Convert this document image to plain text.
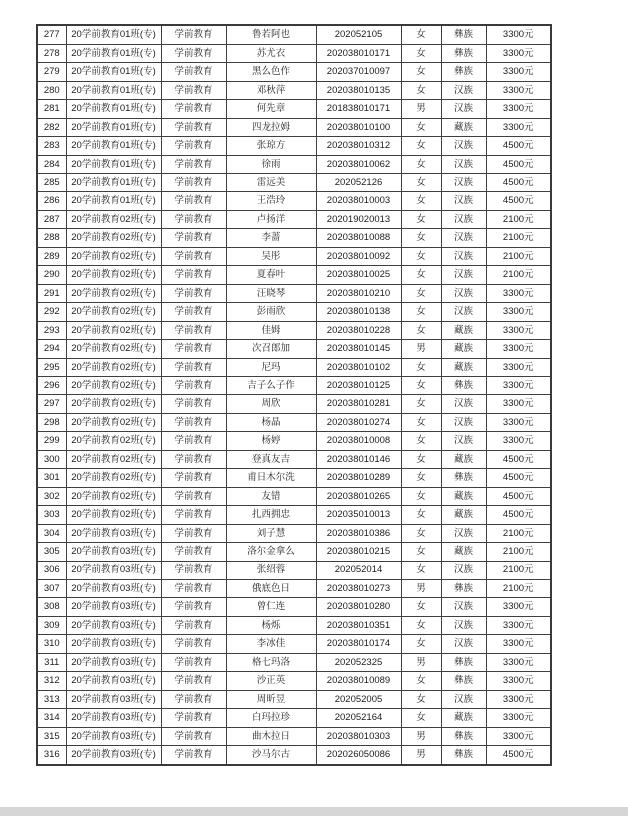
277	20学前教育01班(专)	学前教育	鲁若阿也	202052105	女	彝族	3300元
278	20学前教育01班(专)	学前教育	苏尤衣	202038010171	女	彝族	3300元
279	20学前教育01班(专)	学前教育	黑么色作	202037010097	女	彝族	3300元
280	20学前教育01班(专)	学前教育	邓秋萍	202038010135	女	汉族	3300元
281	20学前教育01班(专)	学前教育	何先章	201838010171	男	汉族	3300元
282	20学前教育01班(专)	学前教育	四龙拉姆	202038010100	女	藏族	3300元
283	20学前教育01班(专)	学前教育	张琼方	202038010312	女	汉族	4500元
284	20学前教育01班(专)	学前教育	徐雨	202038010062	女	汉族	4500元
285	20学前教育01班(专)	学前教育	雷远美	202052126	女	汉族	4500元
286	20学前教育01班(专)	学前教育	王浩玲	202038010003	女	汉族	4500元
287	20学前教育02班(专)	学前教育	卢扬洋	202019020013	女	汉族	2100元
288	20学前教育02班(专)	学前教育	李蔷	202038010088	女	汉族	2100元
289	20学前教育02班(专)	学前教育	吴彤	202038010092	女	汉族	2100元
290	20学前教育02班(专)	学前教育	夏春叶	202038010025	女	汉族	2100元
291	20学前教育02班(专)	学前教育	汪晓琴	202038010210	女	汉族	3300元
292	20学前教育02班(专)	学前教育	彭雨欣	202038010138	女	汉族	3300元
293	20学前教育02班(专)	学前教育	佳姆	202038010228	女	藏族	3300元
294	20学前教育02班(专)	学前教育	次召郎加	202038010145	男	藏族	3300元
295	20学前教育02班(专)	学前教育	尼玛	202038010102	女	藏族	3300元
296	20学前教育02班(专)	学前教育	吉子么子作	202038010125	女	彝族	3300元
297	20学前教育02班(专)	学前教育	周欣	202038010281	女	汉族	3300元
298	20学前教育02班(专)	学前教育	杨晶	202038010274	女	汉族	3300元
299	20学前教育02班(专)	学前教育	杨婷	202038010008	女	汉族	3300元
300	20学前教育02班(专)	学前教育	登真友吉	202038010146	女	藏族	4500元
301	20学前教育02班(专)	学前教育	甫日木尔洗	202038010289	女	彝族	4500元
302	20学前教育02班(专)	学前教育	友错	202038010265	女	藏族	4500元
303	20学前教育02班(专)	学前教育	扎西拥忠	202035010013	女	藏族	4500元
304	20学前教育03班(专)	学前教育	刘子慧	202038010386	女	汉族	2100元
305	20学前教育03班(专)	学前教育	洛尔金拿么	202038010215	女	藏族	2100元
306	20学前教育03班(专)	学前教育	张绍蓉	202052014	女	汉族	2100元
307	20学前教育03班(专)	学前教育	俄底色日	202038010273	男	彝族	2100元
308	20学前教育03班(专)	学前教育	曾仁连	202038010280	女	汉族	3300元
309	20学前教育03班(专)	学前教育	杨烁	202038010351	女	汉族	3300元
310	20学前教育03班(专)	学前教育	李冰佳	202038010174	女	汉族	3300元
311	20学前教育03班(专)	学前教育	格七玛洛	202052325	男	彝族	3300元
312	20学前教育03班(专)	学前教育	沙正英	202038010089	女	彝族	3300元
313	20学前教育03班(专)	学前教育	周昕昱	202052005	女	汉族	3300元
314	20学前教育03班(专)	学前教育	白玛拉珍	202052164	女	藏族	3300元
315	20学前教育03班(专)	学前教育	曲木拉日	202038010303	男	彝族	3300元
316	20学前教育03班(专)	学前教育	沙马尔古	202026050086	男	彝族	4500元
